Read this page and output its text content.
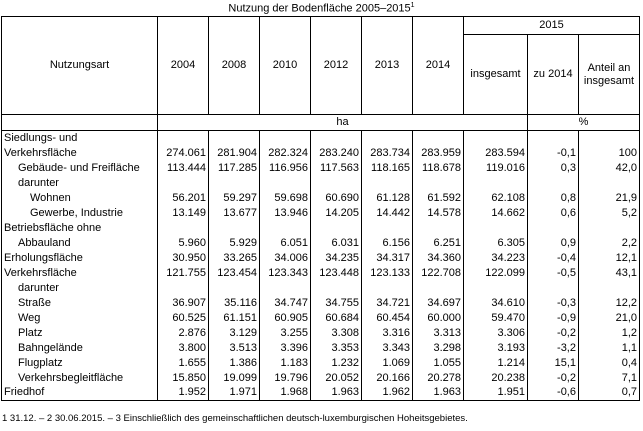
Nutzung der Bodenfläche 2005–2015$^1$
Nutzungsart	2004	2008	2010	2012	2013	2014	2015		
							insgesamt	zu 2014	Anteil an
insgesamt
	ha							%	
Siedlungs- und									
Verkehrsfläche	274.061	281.904	282.324	283.240	283.734	283.959	283.594	-0,1	100
Gebäude- und Freifläche	113.444	117.285	116.956	117.563	118.165	118.678	119.016	0,3	42,0
darunter									
Wohnen	56.201	59.297	59.698	60.690	61.128	61.592	62.108	0,8	21,9
Gewerbe, Industrie	13.149	13.677	13.946	14.205	14.442	14.578	14.662	0,6	5,2
Betriebsfläche ohne									
Abbauland	5.960	5.929	6.051	6.031	6.156	6.251	6.305	0,9	2,2
Erholungsfläche	30.950	33.265	34.006	34.235	34.317	34.360	34.223	-0,4	12,1
Verkehrsfläche	121.755	123.454	123.343	123.448	123.133	122.708	122.099	-0,5	43,1
darunter									
Straße	36.907	35.116	34.747	34.755	34.721	34.697	34.610	-0,3	12,2
Weg	60.525	61.151	60.905	60.684	60.454	60.000	59.470	-0,9	21,0
Platz	2.876	3.129	3.255	3.308	3.316	3.313	3.306	-0,2	1,2
Bahngelände	3.800	3.513	3.396	3.353	3.343	3.298	3.193	-3,2	1,1
Flugplatz	1.655	1.386	1.183	1.232	1.069	1.055	1.214	15,1	0,4
Verkehrsbegleitfläche	15.850	19.099	19.796	20.052	20.166	20.278	20.238	-0,2	7,1
Friedhof	1.952	1.971	1.968	1.963	1.962	1.963	1.951	-0,6	0,7
1 31.12. – 2 30.06.2015. – 3 Einschließlich des gemeinschaftlichen deutsch-luxemburgischen Hoheitsgebietes.
